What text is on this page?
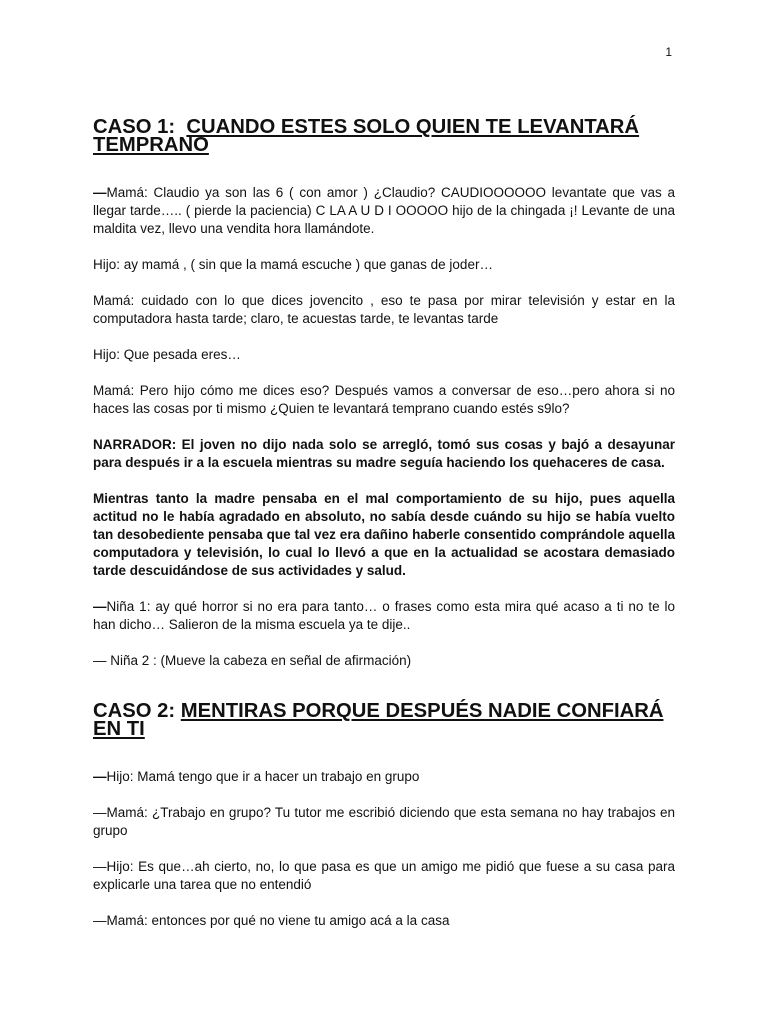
1
CASO 1: CUANDO ESTES SOLO QUIEN TE LEVANTARÁ TEMPRANO

—Mamá: Claudio ya son las 6 ( con amor ) ¿Claudio? CAUDIOOOOOO levantate que vas a llegar tarde….. ( pierde la paciencia) C LA A U D I OOOOO hijo de la chingada ¡! Levante de una maldita vez, llevo una vendita hora llamándote.

Hijo: ay mamá , ( sin que la mamá escuche ) que ganas de joder…

Mamá: cuidado con lo que dices jovencito , eso te pasa por mirar televisión y estar en la computadora hasta tarde; claro, te acuestas tarde, te levantas tarde

Hijo: Que pesada eres…

Mamá: Pero hijo cómo me dices eso? Después vamos a conversar de eso…pero ahora si no haces las cosas por ti mismo ¿Quien te levantará temprano cuando estés s9lo?

NARRADOR: El joven no dijo nada solo se arregló, tomó sus cosas y bajó a desayunar para después ir a la escuela mientras su madre seguía haciendo los quehaceres de casa.

Mientras tanto la madre pensaba en el mal comportamiento de su hijo, pues aquella actitud no le había agradado en absoluto, no sabía desde cuándo su hijo se había vuelto tan desobediente pensaba que tal vez era dañino haberle consentido comprándole aquella computadora y televisión, lo cual lo llevó a que en la actualidad se acostara demasiado tarde descuidándose de sus actividades y salud.

—Niña 1: ay qué horror si no era para tanto… o frases como esta mira qué acaso a ti no te lo han dicho… Salieron de la misma escuela ya te dije..

— Niña 2 : (Mueve la cabeza en señal de afirmación)

CASO 2: MENTIRAS PORQUE DESPUÉS NADIE CONFIARÁ EN TI

—Hijo: Mamá tengo que ir a hacer un trabajo en grupo

—Mamá: ¿Trabajo en grupo? Tu tutor me escribió diciendo que esta semana no hay trabajos en grupo

—Hijo: Es que…ah cierto, no, lo que pasa es que un amigo me pidió que fuese a su casa para explicarle una tarea que no entendió

—Mamá: entonces por qué no viene tu amigo acá a la casa
